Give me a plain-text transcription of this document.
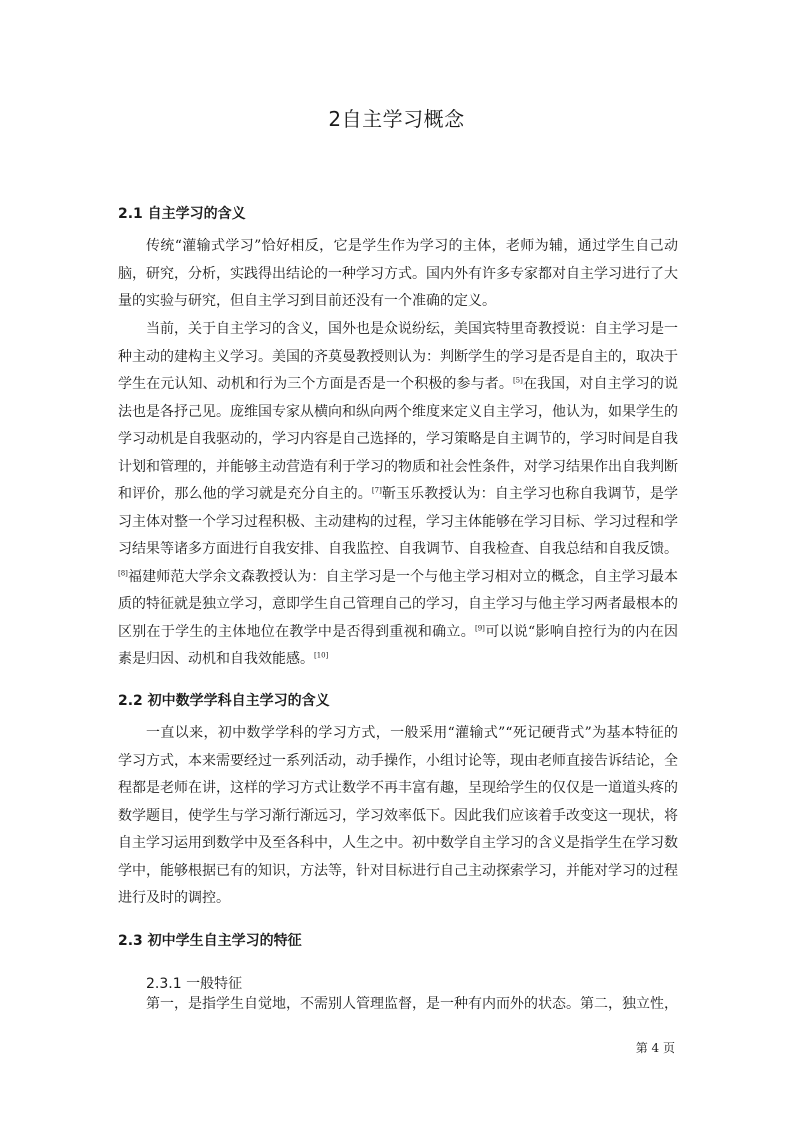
2自主学习概念
2.1 自主学习的含义

传统“灌输式学习”恰好相反，它是学生作为学习的主体，老师为辅，通过学生自己动脑，研究，分析，实践得出结论的一种学习方式。国内外有许多专家都对自主学习进行了大量的实验与研究，但自主学习到目前还没有一个准确的定义。

当前，关于自主学习的含义，国外也是众说纷纭，美国宾特里奇教授说：自主学习是一种主动的建构主义学习。美国的齐莫曼教授则认为：判断学生的学习是否是自主的，取决于学生在元认知、动机和行为三个方面是否是一个积极的参与者。[5]在我国，对自主学习的说法也是各抒己见。庞维国专家从横向和纵向两个维度来定义自主学习，他认为，如果学生的学习动机是自我驱动的，学习内容是自己选择的，学习策略是自主调节的，学习时间是自我计划和管理的，并能够主动营造有利于学习的物质和社会性条件，对学习结果作出自我判断和评价，那么他的学习就是充分自主的。[7]靳玉乐教授认为：自主学习也称自我调节，是学习主体对整一个学习过程积极、主动建构的过程，学习主体能够在学习目标、学习过程和学习结果等诸多方面进行自我安排、自我监控、自我调节、自我检查、自我总结和自我反馈。[8]福建师范大学余文森教授认为：自主学习是一个与他主学习相对立的概念，自主学习最本质的特征就是独立学习，意即学生自己管理自己的学习，自主学习与他主学习两者最根本的区别在于学生的主体地位在教学中是否得到重视和确立。[9]可以说“影响自控行为的内在因素是归因、动机和自我效能感。[10]

2.2 初中数学学科自主学习的含义

一直以来，初中数学学科的学习方式，一般采用“灌输式”“死记硬背式”为基本特征的学习方式，本来需要经过一系列活动，动手操作，小组讨论等，现由老师直接告诉结论，全程都是老师在讲，这样的学习方式让数学不再丰富有趣，呈现给学生的仅仅是一道道头疼的数学题目，使学生与学习渐行渐远习，学习效率低下。因此我们应该着手改变这一现状，将自主学习运用到数学中及至各科中，人生之中。初中数学自主学习的含义是指学生在学习数学中，能够根据已有的知识，方法等，针对目标进行自己主动探索学习，并能对学习的过程进行及时的调控。

2.3 初中学生自主学习的特征
2.3.1 一般特征

第一，是指学生自觉地，不需别人管理监督，是一种有内而外的状态。第二，独立性，

第 4 页
